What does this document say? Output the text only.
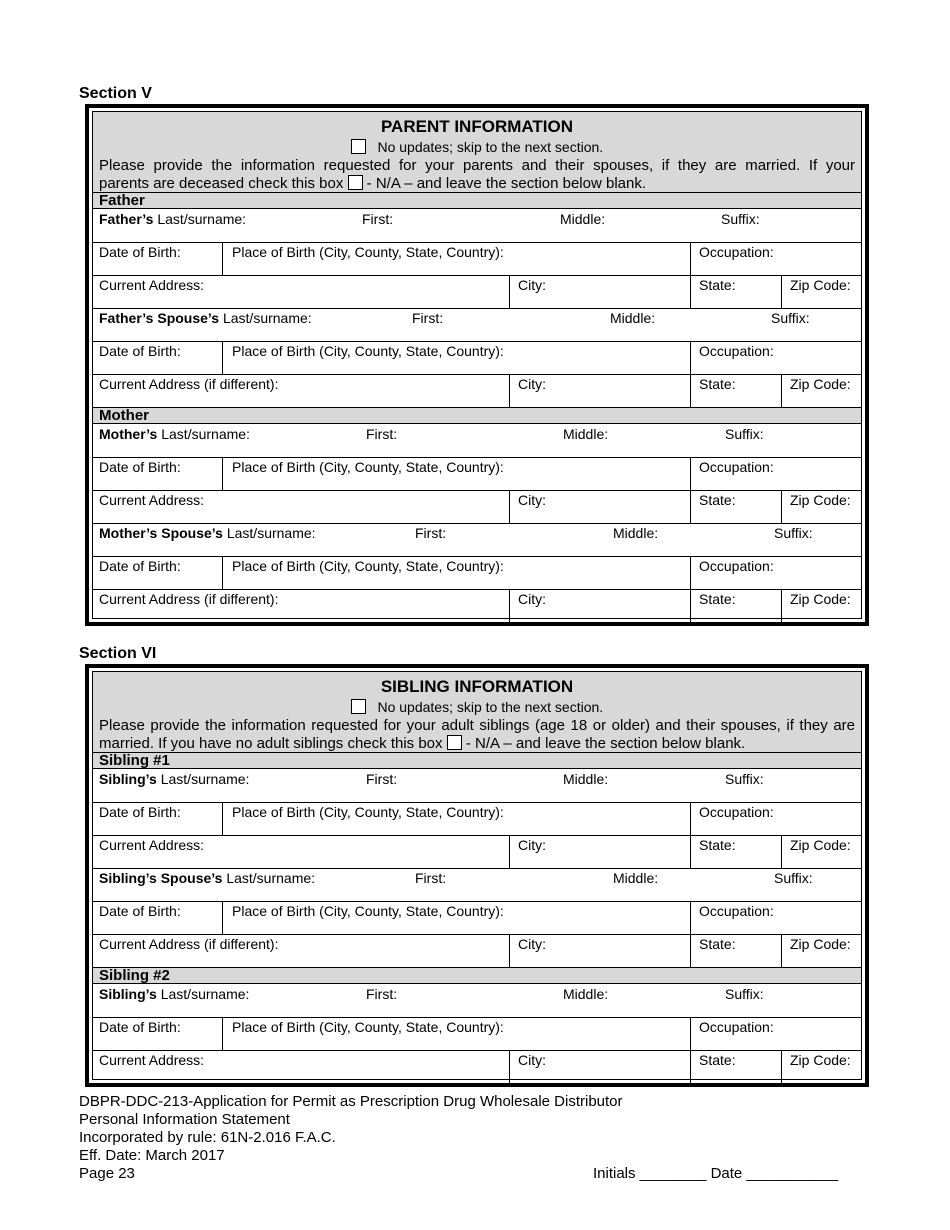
Section V
PARENT INFORMATION
No updates; skip to the next section.
Please provide the information requested for your parents and their spouses, if they are married. If your
parents are deceased check this box - N/A – and leave the section below blank.
Father
Father’s Last/surname:	First:	Middle:	Suffix:
Date of Birth:	Place of Birth (City, County, State, Country):	Occupation:
Current Address:	City:	State:	Zip Code:
Father’s Spouse’s Last/surname:	First:	Middle:	Suffix:
Date of Birth:	Place of Birth (City, County, State, Country):	Occupation:
Current Address (if different):	City:	State:	Zip Code:
Mother
Mother’s Last/surname:	First:	Middle:	Suffix:
Date of Birth:	Place of Birth (City, County, State, Country):	Occupation:
Current Address:	City:	State:	Zip Code:
Mother’s Spouse’s Last/surname:	First:	Middle:	Suffix:
Date of Birth:	Place of Birth (City, County, State, Country):	Occupation:
Current Address (if different):	City:	State:	Zip Code:
Section VI
SIBLING INFORMATION
No updates; skip to the next section.
Please provide the information requested for your adult siblings (age 18 or older) and their spouses, if they are
married. If you have no adult siblings check this box - N/A – and leave the section below blank.
Sibling #1
Sibling’s Last/surname:	First:	Middle:	Suffix:
Date of Birth:	Place of Birth (City, County, State, Country):	Occupation:
Current Address:	City:	State:	Zip Code:
Sibling’s Spouse’s Last/surname:	First:	Middle:	Suffix:
Date of Birth:	Place of Birth (City, County, State, Country):	Occupation:
Current Address (if different):	City:	State:	Zip Code:
Sibling #2
Sibling’s Last/surname:	First:	Middle:	Suffix:
Date of Birth:	Place of Birth (City, County, State, Country):	Occupation:
Current Address:	City:	State:	Zip Code:
DBPR-DDC-213-Application for Permit as Prescription Drug Wholesale Distributor
Personal Information Statement
Incorporated by rule: 61N-2.016 F.A.C.
Eff. Date: March 2017
Page 23	Initials ________ Date ___________
